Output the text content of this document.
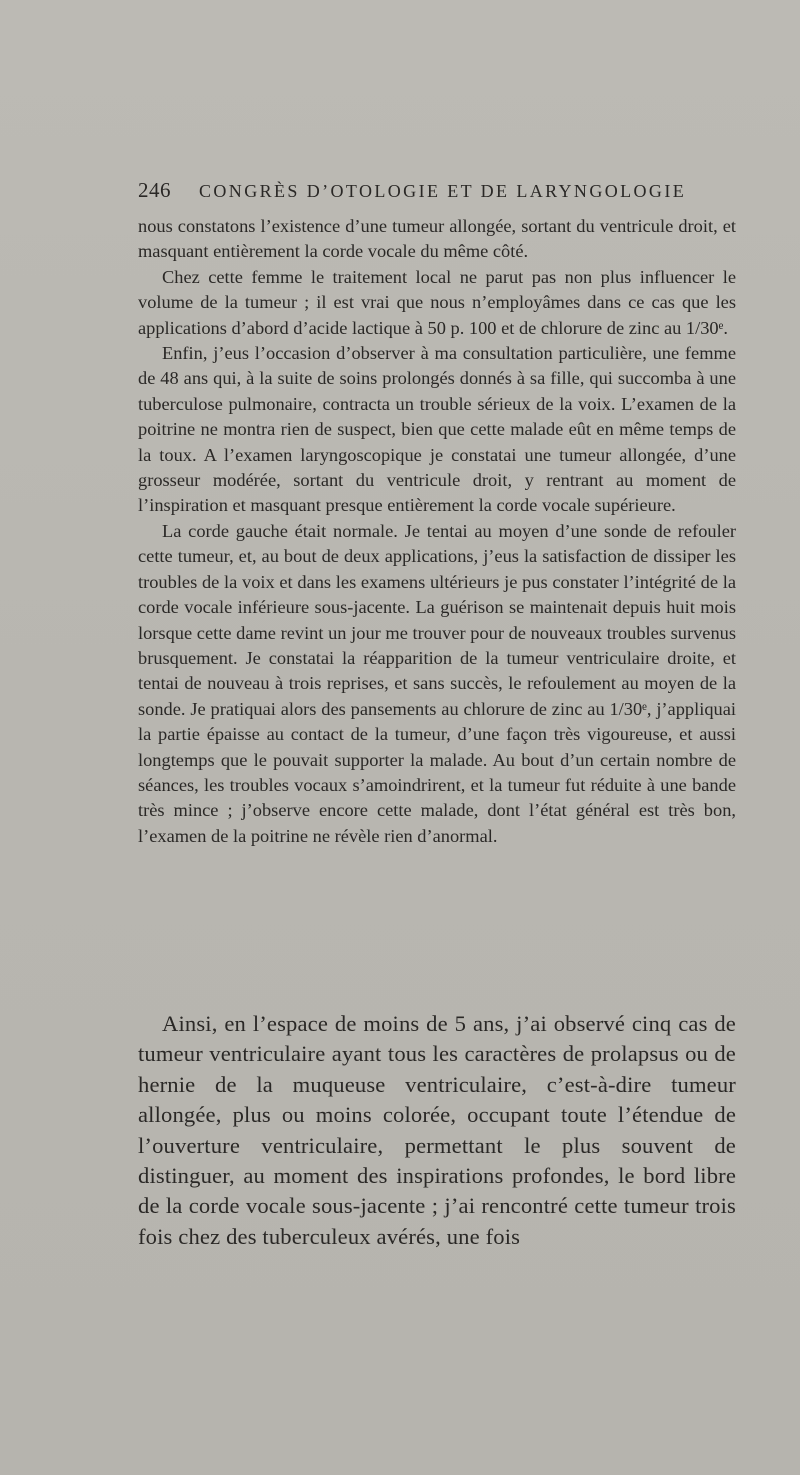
246 CONGRÈS D’OTOLOGIE ET DE LARYNGOLOGIE

nous constatons l’existence d’une tumeur allongée, sortant du ventricule droit, et masquant entièrement la corde vocale du même côté.

Chez cette femme le traitement local ne parut pas non plus influencer le volume de la tumeur ; il est vrai que nous n’employâmes dans ce cas que les applications d’abord d’acide lactique à 50 p. 100 et de chlorure de zinc au 1/30ᵉ.

Enfin, j’eus l’occasion d’observer à ma consultation particulière, une femme de 48 ans qui, à la suite de soins prolongés donnés à sa fille, qui succomba à une tuberculose pulmonaire, contracta un trouble sérieux de la voix. L’examen de la poitrine ne montra rien de suspect, bien que cette malade eût en même temps de la toux. A l’examen laryngoscopique je constatai une tumeur allongée, d’une grosseur modérée, sortant du ventricule droit, y rentrant au moment de l’inspiration et masquant presque entièrement la corde vocale supérieure.

La corde gauche était normale. Je tentai au moyen d’une sonde de refouler cette tumeur, et, au bout de deux applications, j’eus la satisfaction de dissiper les troubles de la voix et dans les examens ultérieurs je pus constater l’intégrité de la corde vocale inférieure sous-jacente. La guérison se maintenait depuis huit mois lorsque cette dame revint un jour me trouver pour de nouveaux troubles survenus brusquement. Je constatai la réapparition de la tumeur ventriculaire droite, et tentai de nouveau à trois reprises, et sans succès, le refoulement au moyen de la sonde. Je pratiquai alors des pansements au chlorure de zinc au 1/30ᵉ, j’appliquai la partie épaisse au contact de la tumeur, d’une façon très vigoureuse, et aussi longtemps que le pouvait supporter la malade. Au bout d’un certain nombre de séances, les troubles vocaux s’amoindrirent, et la tumeur fut réduite à une bande très mince ; j’observe encore cette malade, dont l’état général est très bon, l’examen de la poitrine ne révèle rien d’anormal.

Ainsi, en l’espace de moins de 5 ans, j’ai observé cinq cas de tumeur ventriculaire ayant tous les caractères de prolapsus ou de hernie de la muqueuse ventriculaire, c’est-à-dire tumeur allongée, plus ou moins colorée, occupant toute l’étendue de l’ouverture ventriculaire, permettant le plus souvent de distinguer, au moment des inspirations profondes, le bord libre de la corde vocale sous-jacente ; j’ai rencontré cette tumeur trois fois chez des tuberculeux avérés, une fois
